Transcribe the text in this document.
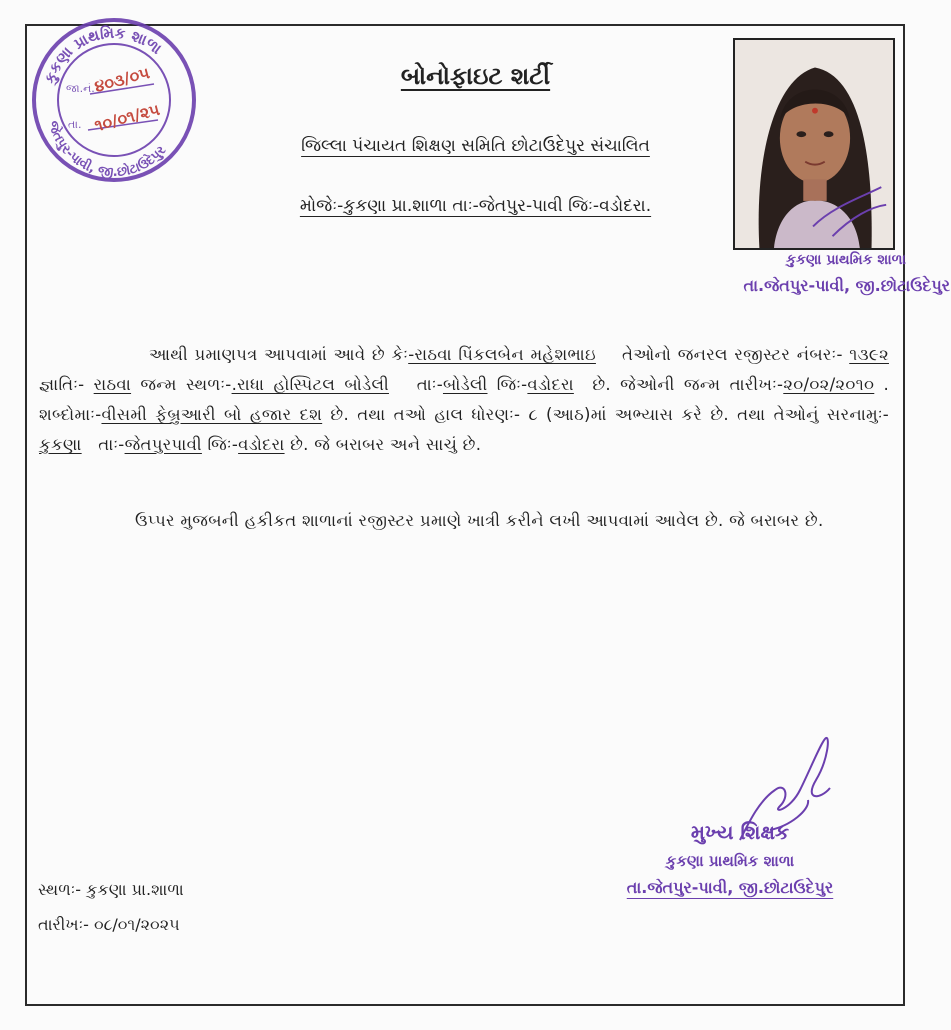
કુકણા પ્રાથમિક શાળા
જેતપુર-પાવી, જી.છોટાઉદેપુર
જા.નં.
તા.
૪૦૩/૦૫
૧૦/૦૧/૨૫
બોનોફાઇટ શર્ટી
જિલ્લા પંચાયત શિક્ષણ સમિતિ છોટાઉદેપુર સંચાલિત
મોજેઃ-કુકણા પ્રા.શાળા તાઃ-જેતપુર-પાવી જિઃ-વડોદરા.
કુકણા પ્રાથમિક શાળા
તા.જેતપુર-પાવી, જી.છોટાઉદેપુર
આથી પ્રમાણપત્ર આપવામાં આવે છે કેઃ-રાઠવા પિંકલબેન મહેશભાઇ તેઓનો જનરલ રજીસ્ટર નંબરઃ- ૧૩૯૨ જ્ઞાતિઃ- રાઠવા જન્મ સ્થળઃ-.રાધા હોસ્પિટલ બોડેલી તાઃ-બોડેલી જિઃ-વડોદરા છે. જેઓની જન્મ તારીખઃ-૨૦/૦૨/૨૦૧૦ . શબ્દોમાઃ-વીસમી ફેબ્રુઆરી બો હજાર દશ છે. તથા તઓ હાલ ધોરણઃ- ૮ (આઠ)માં અભ્યાસ કરે છે. તથા તેઓનું સરનામુઃ- કુકણા તાઃ-જેતપુરપાવી જિઃ-વડોદરા છે. જે બરાબર અને સાચું છે.
ઉપ્પર મુજબની હકીકત શાળાનાં રજીસ્ટર પ્રમાણે ખાત્રી કરીને લખી આપવામાં આવેલ છે. જે બરાબર છે.
સ્થળઃ- કુકણા પ્રા.શાળા
તારીખઃ- ૦૮/૦૧/૨૦૨૫
મુખ્ય શિક્ષક
કુકણા પ્રાથમિક શાળા
તા.જેતપુર-પાવી, જી.છોટાઉદેપુર
